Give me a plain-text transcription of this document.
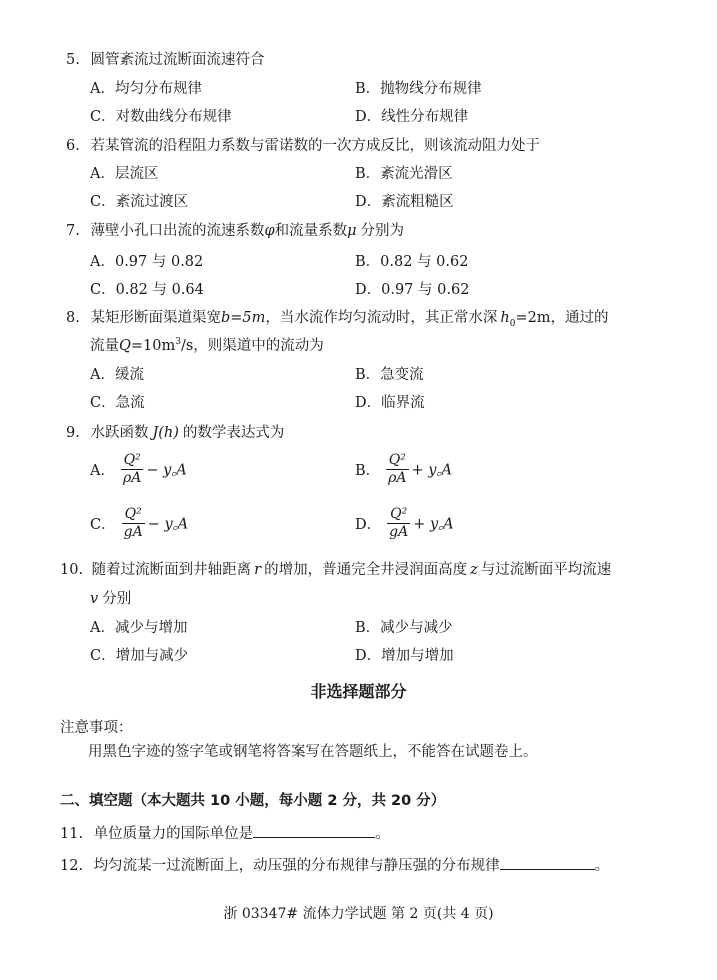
5. 圆管紊流过流断面流速符合
A．均匀分布规律	B．抛物线分布规律
C．对数曲线分布规律	D．线性分布规律
6. 若某管流的沿程阻力系数与雷诺数的一次方成反比，则该流动阻力处于
A．层流区	B．紊流光滑区
C．紊流过渡区	D．紊流粗糙区
7. 薄壁小孔口出流的流速系数φ和流量系数μ 分别为
A．0.97 与 0.82	B．0.82 与 0.62
C．0.82 与 0.64	D．0.97 与 0.62
8. 某矩形断面渠道渠宽b=5m，当水流作均匀流动时，其正常水深 $h_0=2m$，通过的
流量$Q=10m^3/s$，则渠道中的流动为
A．缓流	B．急变流
C．急流	D．临界流
9. 水跃函数 J(h) 的数学表达式为
A． $\frac{\text{Q²}}{\rho A}$ − y꜀A	B． $\frac{\text{Q²}}{\rho A}$ + y꜀A
C． $\frac{\text{Q²}}{gA}$ − y꜀A	D． $\frac{\text{Q²}}{gA}$ + y꜀A
10. 随着过流断面到井轴距离 r 的增加，普通完全井浸润面高度 z 与过流断面平均流速
v 分别
A．减少与增加	B．减少与减少
C．增加与减少	D．增加与增加
非选择题部分
注意事项：
用黑色字迹的签字笔或钢笔将答案写在答题纸上，不能答在试题卷上。
二、填空题（本大题共 10 小题，每小题 2 分，共 20 分）
11. 单位质量力的国际单位是	。
12. 均匀流某一过流断面上，动压强的分布规律与静压强的分布规律	。
浙 03347# 流体力学试题 第 2 页(共 4 页)
